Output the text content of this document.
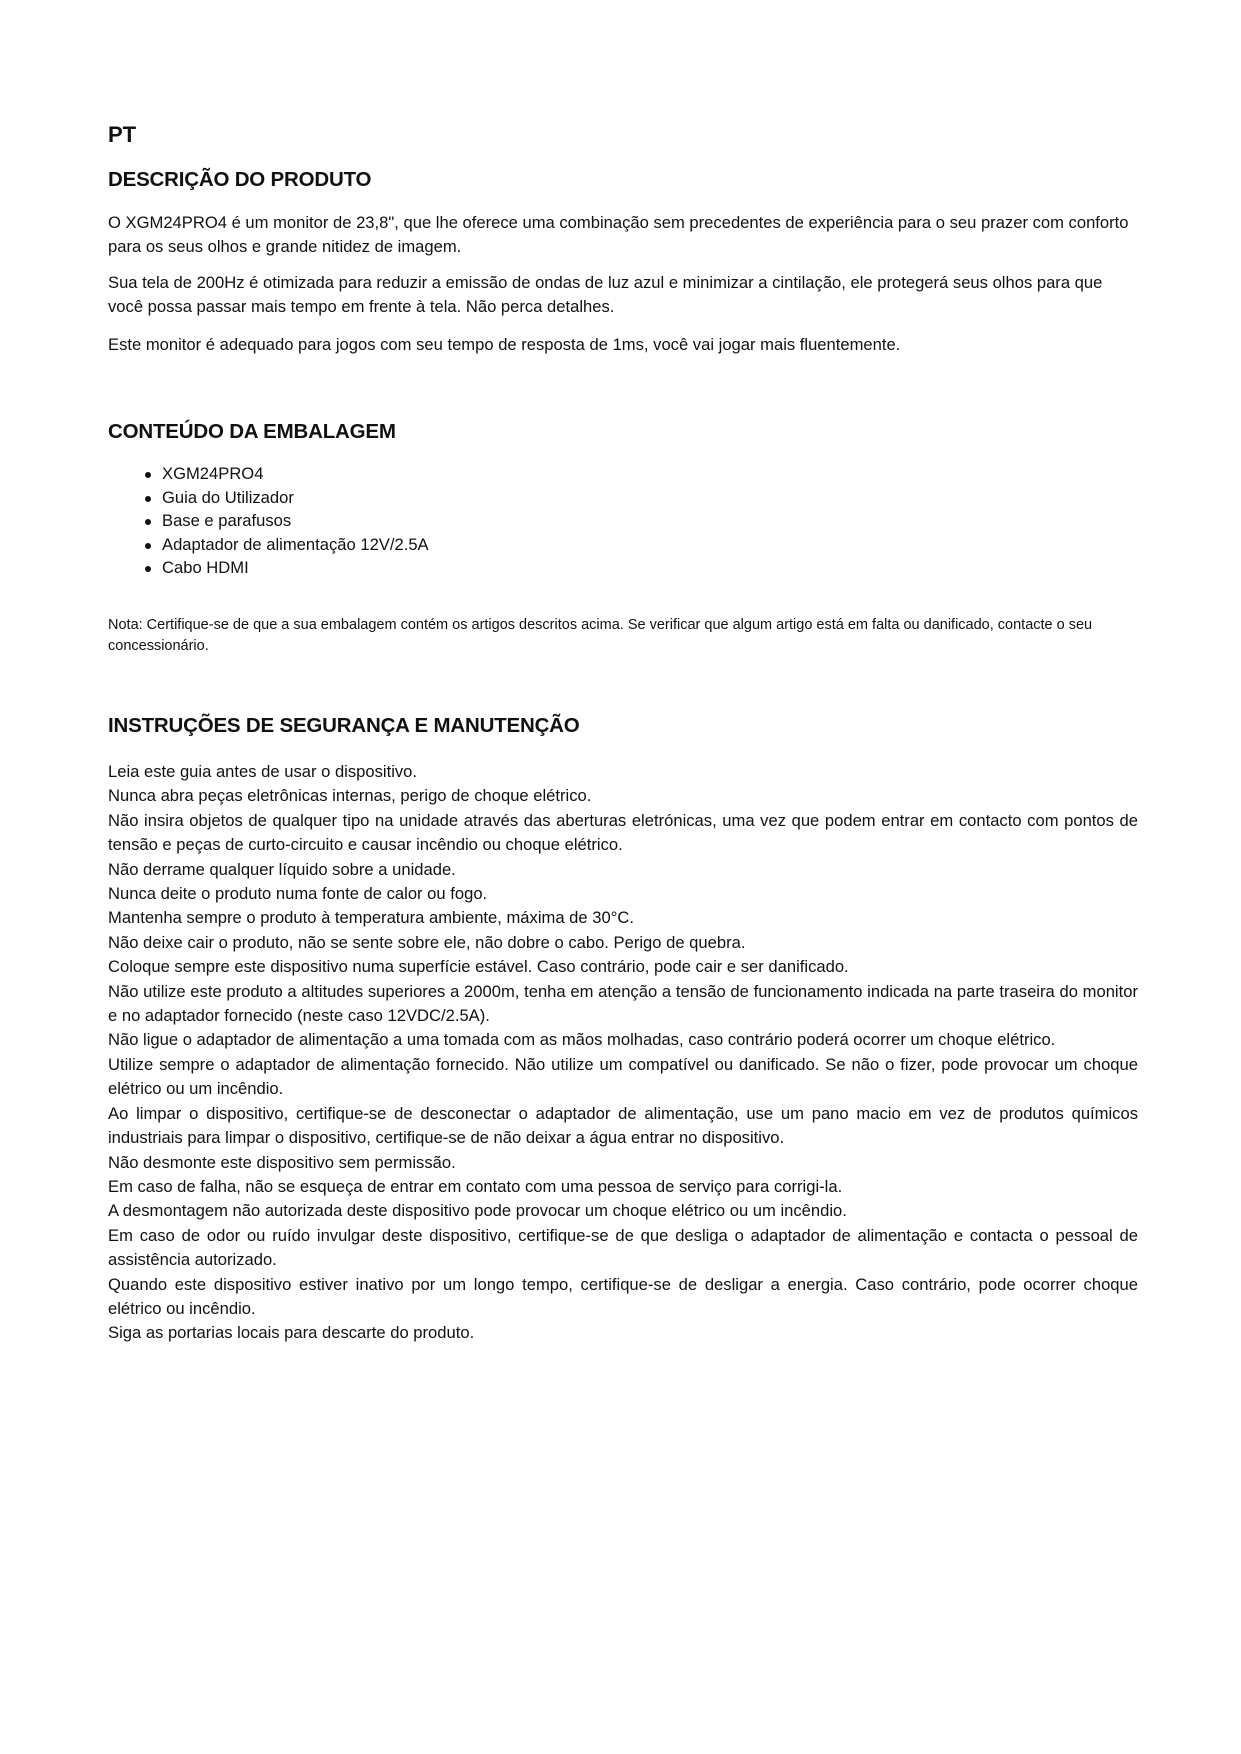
PT
DESCRIÇÃO DO PRODUTO

O XGM24PRO4 é um monitor de 23,8", que lhe oferece uma combinação sem precedentes de experiência para o seu prazer com conforto para os seus olhos e grande nitidez de imagem.

Sua tela de 200Hz é otimizada para reduzir a emissão de ondas de luz azul e minimizar a cintilação, ele protegerá seus olhos para que você possa passar mais tempo em frente à tela. Não perca detalhes.

Este monitor é adequado para jogos com seu tempo de resposta de 1ms, você vai jogar mais fluentemente.

CONTEÚDO DA EMBALAGEM
XGM24PRO4
Guia do Utilizador
Base e parafusos
Adaptador de alimentação 12V/2.5A
Cabo HDMI
Nota: Certifique-se de que a sua embalagem contém os artigos descritos acima. Se verificar que algum artigo está em falta ou danificado, contacte o seu concessionário.
INSTRUÇÕES DE SEGURANÇA E MANUTENÇÃO
Leia este guia antes de usar o dispositivo.
Nunca abra peças eletrônicas internas, perigo de choque elétrico.
Não insira objetos de qualquer tipo na unidade através das aberturas eletrónicas, uma vez que podem entrar em contacto com pontos de tensão e peças de curto-circuito e causar incêndio ou choque elétrico.
Não derrame qualquer líquido sobre a unidade.
Nunca deite o produto numa fonte de calor ou fogo.
Mantenha sempre o produto à temperatura ambiente, máxima de 30°C.
Não deixe cair o produto, não se sente sobre ele, não dobre o cabo. Perigo de quebra.
Coloque sempre este dispositivo numa superfície estável. Caso contrário, pode cair e ser danificado.
Não utilize este produto a altitudes superiores a 2000m, tenha em atenção a tensão de funcionamento indicada na parte traseira do monitor e no adaptador fornecido (neste caso 12VDC/2.5A).
Não ligue o adaptador de alimentação a uma tomada com as mãos molhadas, caso contrário poderá ocorrer um choque elétrico.
Utilize sempre o adaptador de alimentação fornecido. Não utilize um compatível ou danificado. Se não o fizer, pode provocar um choque elétrico ou um incêndio.
Ao limpar o dispositivo, certifique-se de desconectar o adaptador de alimentação, use um pano macio em vez de produtos químicos industriais para limpar o dispositivo, certifique-se de não deixar a água entrar no dispositivo.
Não desmonte este dispositivo sem permissão.
Em caso de falha, não se esqueça de entrar em contato com uma pessoa de serviço para corrigi-la.
A desmontagem não autorizada deste dispositivo pode provocar um choque elétrico ou um incêndio.
Em caso de odor ou ruído invulgar deste dispositivo, certifique-se de que desliga o adaptador de alimentação e contacta o pessoal de assistência autorizado.
Quando este dispositivo estiver inativo por um longo tempo, certifique-se de desligar a energia. Caso contrário, pode ocorrer choque elétrico ou incêndio.
Siga as portarias locais para descarte do produto.
